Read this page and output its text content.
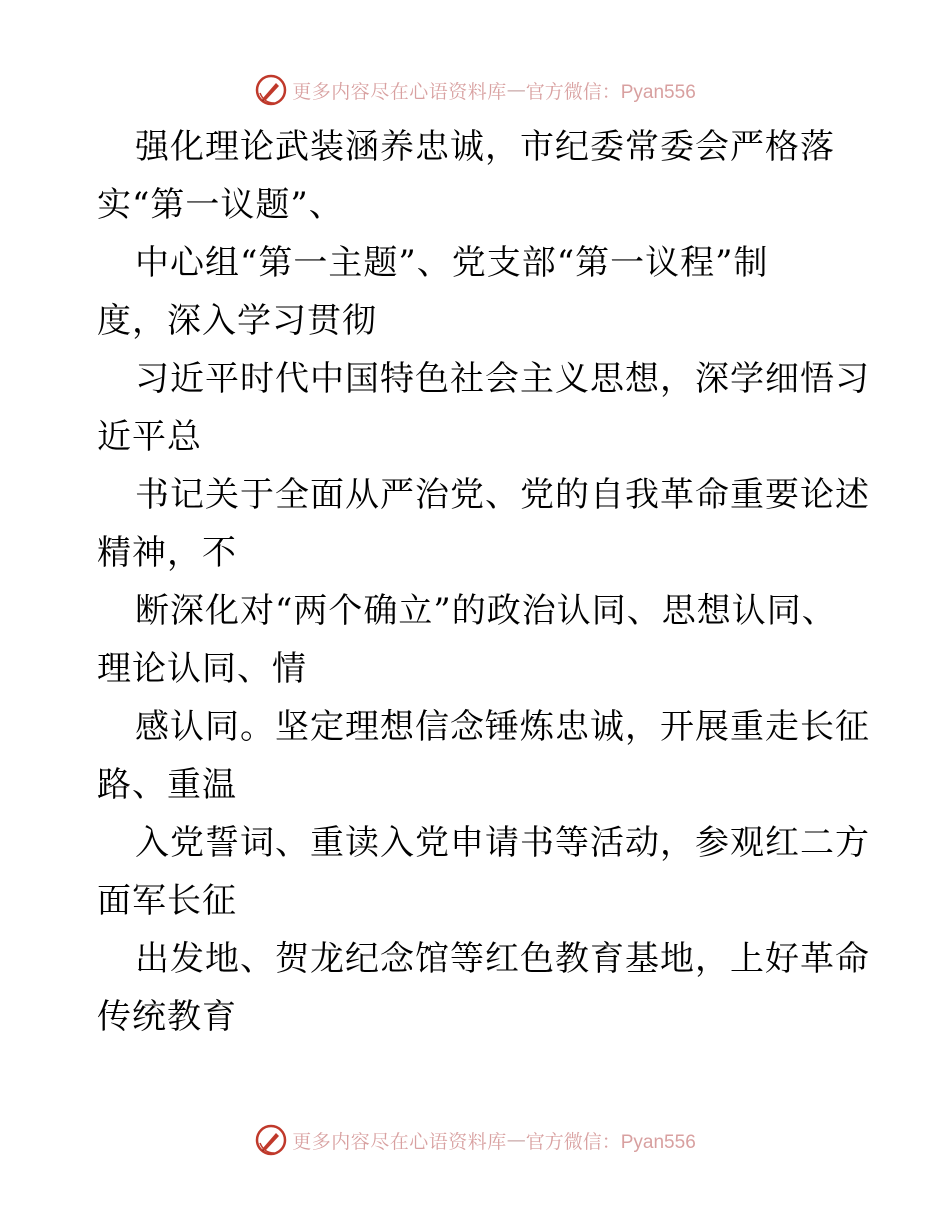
更多内容尽在心语资料库 — 官方微信：Pyan556
强化理论武装涵养忠诚，市纪委常委会严格落
实“第一议题”、
中心组“第一主题”、党支部“第一议程”制
度，深入学习贯彻
习近平时代中国特色社会主义思想，深学细悟习
近平总
书记关于全面从严治党、党的自我革命重要论述
精神，不
断深化对“两个确立”的政治认同、思想认同、
理论认同、情
感认同。坚定理想信念锤炼忠诚，开展重走长征
路、重温
入党誓词、重读入党申请书等活动，参观红二方
面军长征
出发地、贺龙纪念馆等红色教育基地，上好革命
传统教育
更多内容尽在心语资料库 — 官方微信：Pyan556
